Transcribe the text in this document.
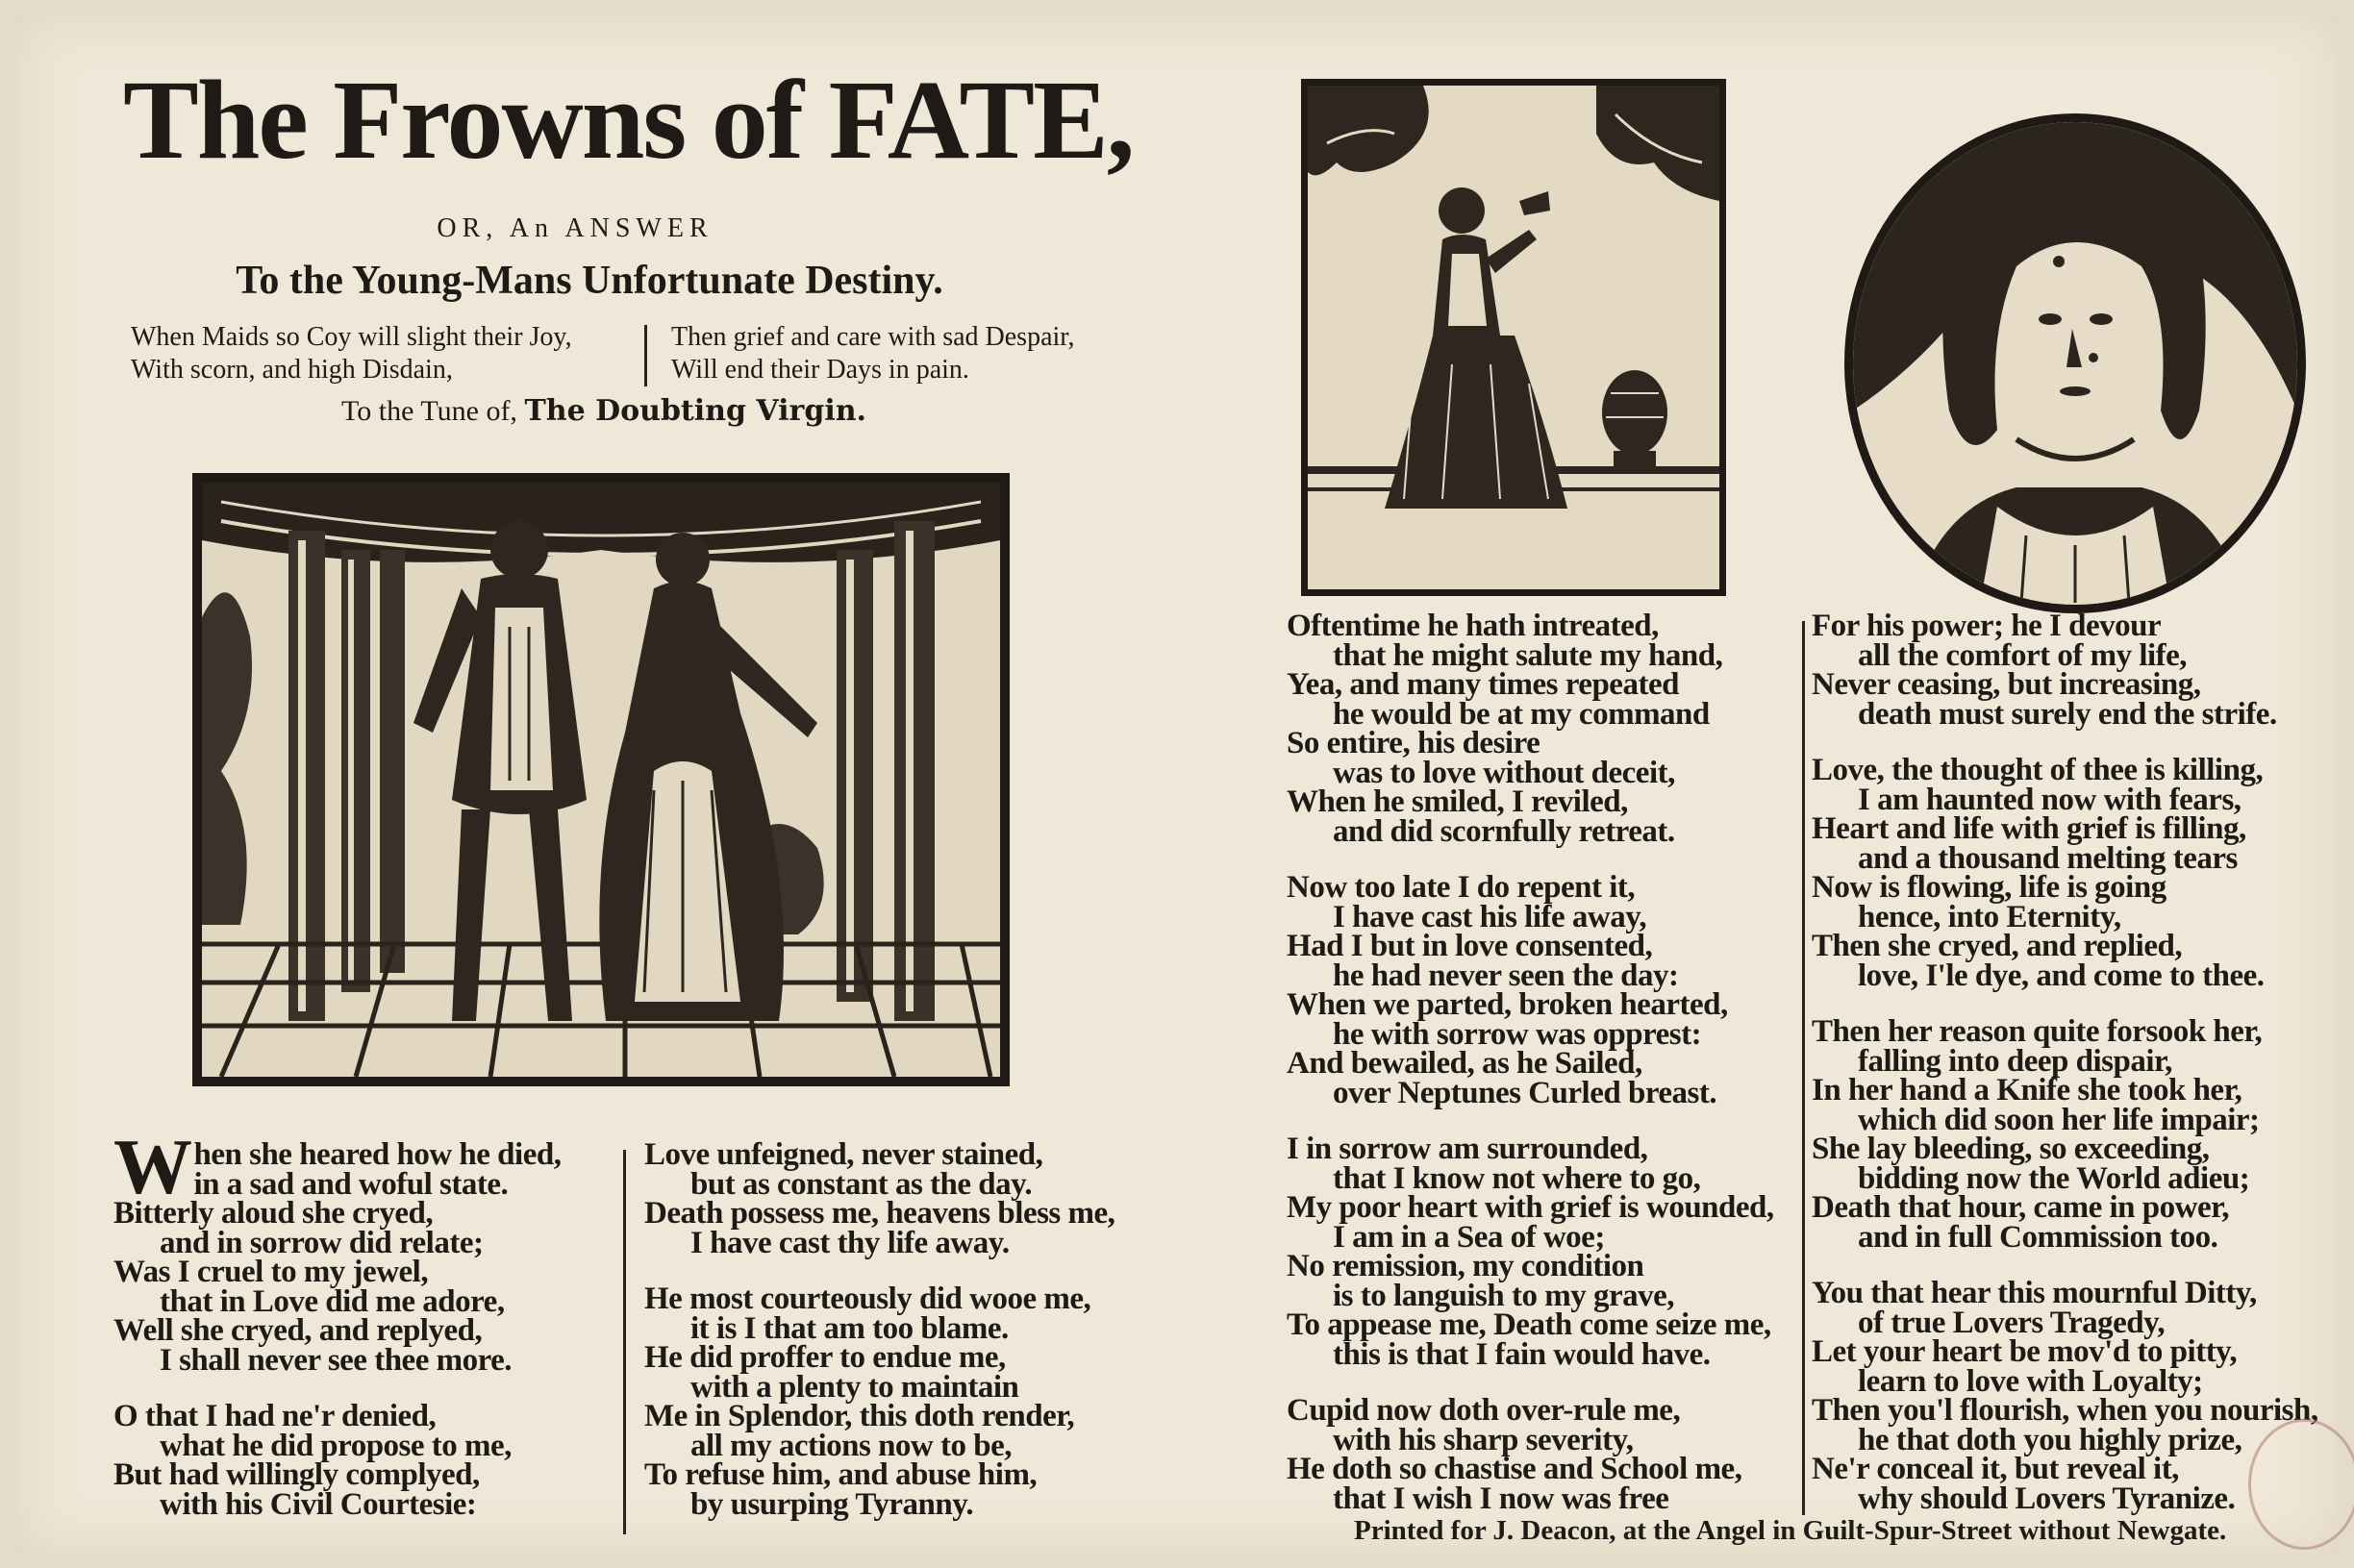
The Frowns of FATE,
OR, An ANSWER
To the Young-Mans Unfortunate Destiny.
When Maids so Coy will slight their Joy,
With scorn, and high Disdain,
Then grief and care with sad Despair,
Will end their Days in pain.
To the Tune of, The Doubting Virgin.
W hen she heared how he died,
in a sad and woful state.
Bitterly aloud she cryed,
and in sorrow did relate;
Was I cruel to my jewel,
that in Love did me adore,
Well she cryed, and replyed,
I shall never see thee more.
O that I had ne'r denied,
what he did propose to me,
But had willingly complyed,
with his Civil Courtesie:
Love unfeigned, never stained,
but as constant as the day.
Death possess me, heavens bless me,
I have cast thy life away.
He most courteously did wooe me,
it is I that am too blame.
He did proffer to endue me,
with a plenty to maintain
Me in Splendor, this doth render,
all my actions now to be,
To refuse him, and abuse him,
by usurping Tyranny.
Oftentime he hath intreated,
that he might salute my hand,
Yea, and many times repeated
he would be at my command
So entire, his desire
was to love without deceit,
When he smiled, I reviled,
and did scornfully retreat.
Now too late I do repent it,
I have cast his life away,
Had I but in love consented,
he had never seen the day:
When we parted, broken hearted,
he with sorrow was opprest:
And bewailed, as he Sailed,
over Neptunes Curled breast.
I in sorrow am surrounded,
that I know not where to go,
My poor heart with grief is wounded,
I am in a Sea of woe;
No remission, my condition
is to languish to my grave,
To appease me, Death come seize me,
this is that I fain would have.
Cupid now doth over-rule me,
with his sharp severity,
He doth so chastise and School me,
that I wish I now was free
For his power; he I devour
all the comfort of my life,
Never ceasing, but increasing,
death must surely end the strife.
Love, the thought of thee is killing,
I am haunted now with fears,
Heart and life with grief is filling,
and a thousand melting tears
Now is flowing, life is going
hence, into Eternity,
Then she cryed, and replied,
love, I'le dye, and come to thee.
Then her reason quite forsook her,
falling into deep dispair,
In her hand a Knife she took her,
which did soon her life impair;
She lay bleeding, so exceeding,
bidding now the World adieu;
Death that hour, came in power,
and in full Commission too.
You that hear this mournful Ditty,
of true Lovers Tragedy,
Let your heart be mov'd to pitty,
learn to love with Loyalty;
Then you'l flourish, when you nourish,
he that doth you highly prize,
Ne'r conceal it, but reveal it,
why should Lovers Tyranize.
Printed for J. Deacon, at the Angel in Guilt-Spur-Street without Newgate.
